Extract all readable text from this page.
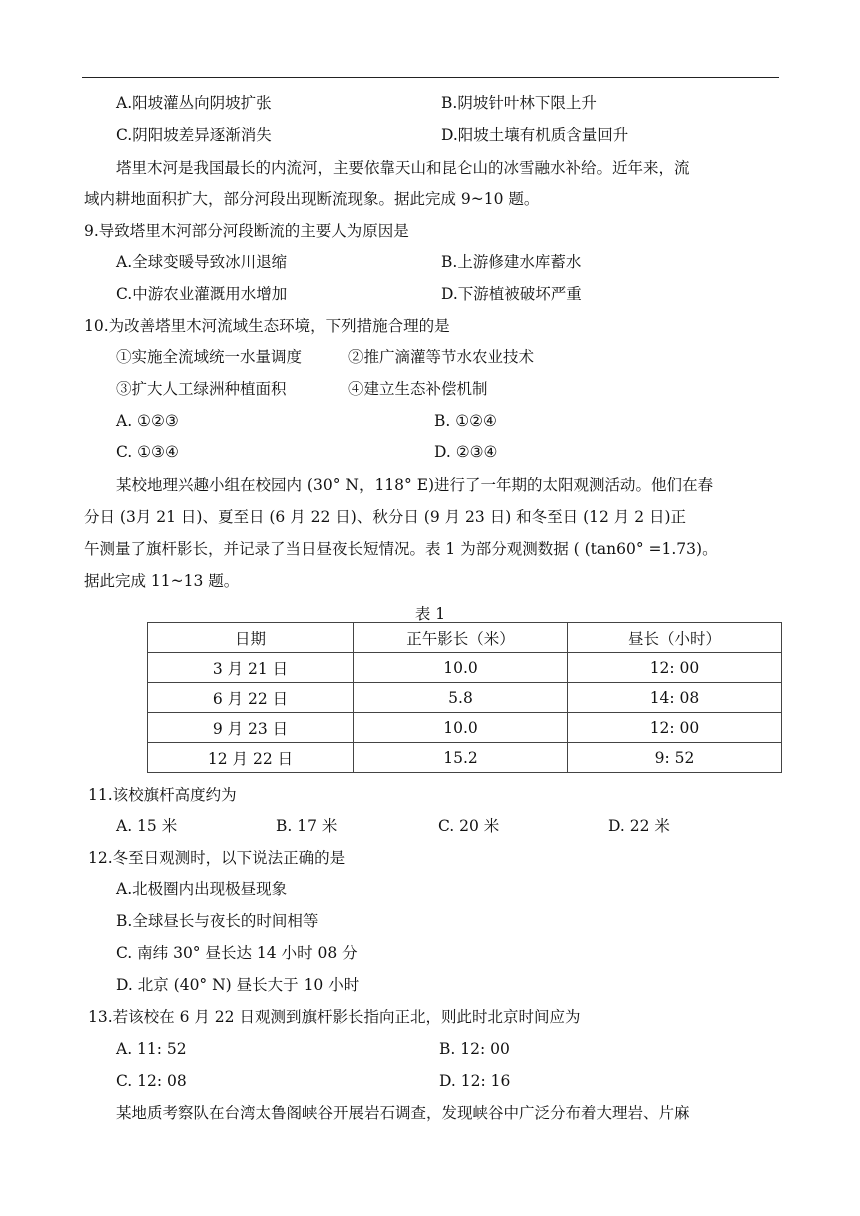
A.阳坡灌丛向阴坡扩张	B.阴坡针叶林下限上升
C.阴阳坡差异逐渐消失	D.阳坡土壤有机质含量回升
塔里木河是我国最长的内流河，主要依靠天山和昆仑山的冰雪融水补给。近年来，流
域内耕地面积扩大，部分河段出现断流现象。据此完成 9~10 题。
9.导致塔里木河部分河段断流的主要人为原因是
A.全球变暖导致冰川退缩	B.上游修建水库蓄水
C.中游农业灌溉用水增加	D.下游植被破坏严重
10.为改善塔里木河流域生态环境，下列措施合理的是
①实施全流域统一水量调度	②推广滴灌等节水农业技术
③扩大人工绿洲种植面积	④建立生态补偿机制
A. ①②③	B. ①②④
C. ①③④	D. ②③④
某校地理兴趣小组在校园内 (30° N，118° E)进行了一年期的太阳观测活动。他们在春
分日 (3月 21 日)、夏至日 (6 月 22 日)、秋分日 (9 月 23 日) 和冬至日 (12 月 2 日)正
午测量了旗杆影长，并记录了当日昼夜长短情况。表 1 为部分观测数据 ( (tan60° =1.73)。
据此完成 11~13 题。
表 1
日期	正午影长（米）	昼长（小时）
3 月 21 日	10.0	12: 00
6 月 22 日	5.8	14: 08
9 月 23 日	10.0	12: 00
12 月 22 日	15.2	9: 52
11.该校旗杆高度约为
A. 15 米	B. 17 米	C. 20 米	D. 22 米
12.冬至日观测时，以下说法正确的是
A.北极圈内出现极昼现象
B.全球昼长与夜长的时间相等
C. 南纬 30° 昼长达 14 小时 08 分
D. 北京 (40° N) 昼长大于 10 小时
13.若该校在 6 月 22 日观测到旗杆影长指向正北，则此时北京时间应为
A. 11: 52	B. 12: 00
C. 12: 08	D. 12: 16
某地质考察队在台湾太鲁阁峡谷开展岩石调查，发现峡谷中广泛分布着大理岩、片麻
